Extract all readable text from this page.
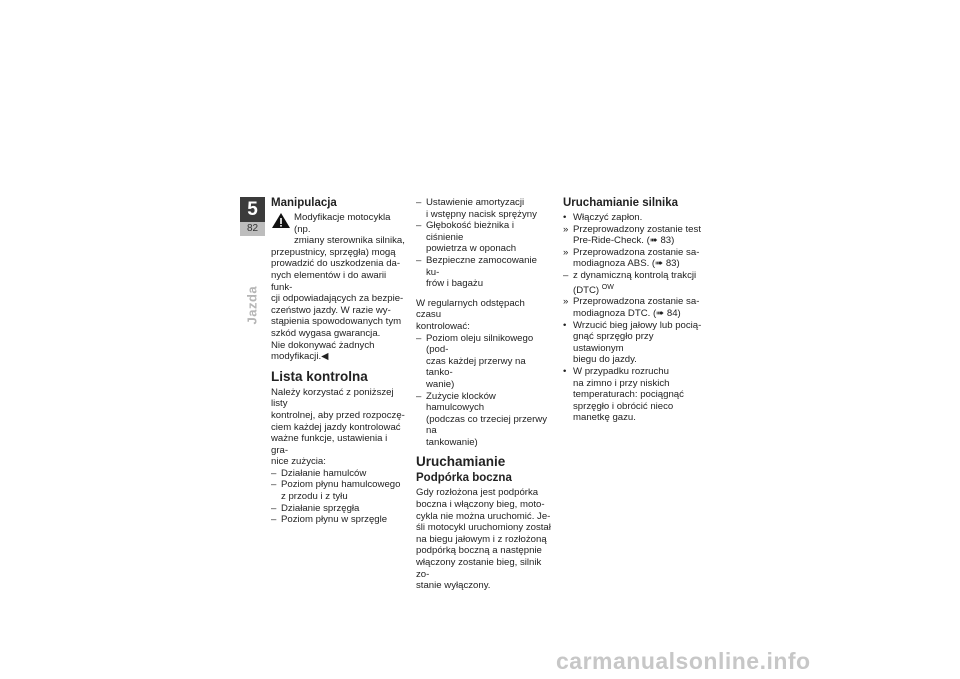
5
82
Jazda
Manipulacja

Modyfikacje motocykla (np.

zmiany sterownika silnika,

przepustnicy, sprzęgła) mogą

prowadzić do uszkodzenia da-

nych elementów i do awarii funk-

cji odpowiadających za bezpie-

czeństwo jazdy. W razie wy-

stąpienia spowodowanych tym

szkód wygasa gwarancja.

Nie dokonywać żadnych

modyfikacji.◀

Lista kontrolna

Należy korzystać z poniższej listy

kontrolnej, aby przed rozpoczę-

ciem każdej jazdy kontrolować

ważne funkcje, ustawienia i gra-

nice zużycia:

– Działanie hamulców

– Poziom płynu hamulcowego

z przodu i z tyłu

– Działanie sprzęgła

– Poziom płynu w sprzęgle

– Ustawienie amortyzacji

i wstępny nacisk sprężyny

– Głębokość bieżnika i ciśnienie

powietrza w oponach

– Bezpieczne zamocowanie ku-

frów i bagażu

W regularnych odstępach czasu

kontrolować:

– Poziom oleju silnikowego (pod-

czas każdej przerwy na tanko-

wanie)

– Zużycie klocków hamulcowych

(podczas co trzeciej przerwy na

tankowanie)

Uruchamianie
Podpórka boczna

Gdy rozłożona jest podpórka

boczna i włączony bieg, moto-

cykla nie można uruchomić. Je-

śli motocykl uruchomiony został

na biegu jałowym i z rozłożoną

podpórką boczną a następnie

włączony zostanie bieg, silnik zo-

stanie wyłączony.

Uruchamianie silnika
• Włączyć zapłon.

» Przeprowadzony zostanie test

Pre-Ride-Check. (➠ 83)

» Przeprowadzona zostanie sa-

modiagnoza ABS. (➠ 83)

– z dynamiczną kontrolą trakcji

(DTC) $^{OW}$

» Przeprowadzona zostanie sa-

modiagnoza DTC. (➠ 84)

• Wrzucić bieg jałowy lub pocią-

gnąć sprzęgło przy ustawionym

biegu do jazdy.

• W przypadku rozruchu

na zimno i przy niskich

temperaturach: pociągnąć

sprzęgło i obrócić nieco

manetkę gazu.

carmanualsonline.info
